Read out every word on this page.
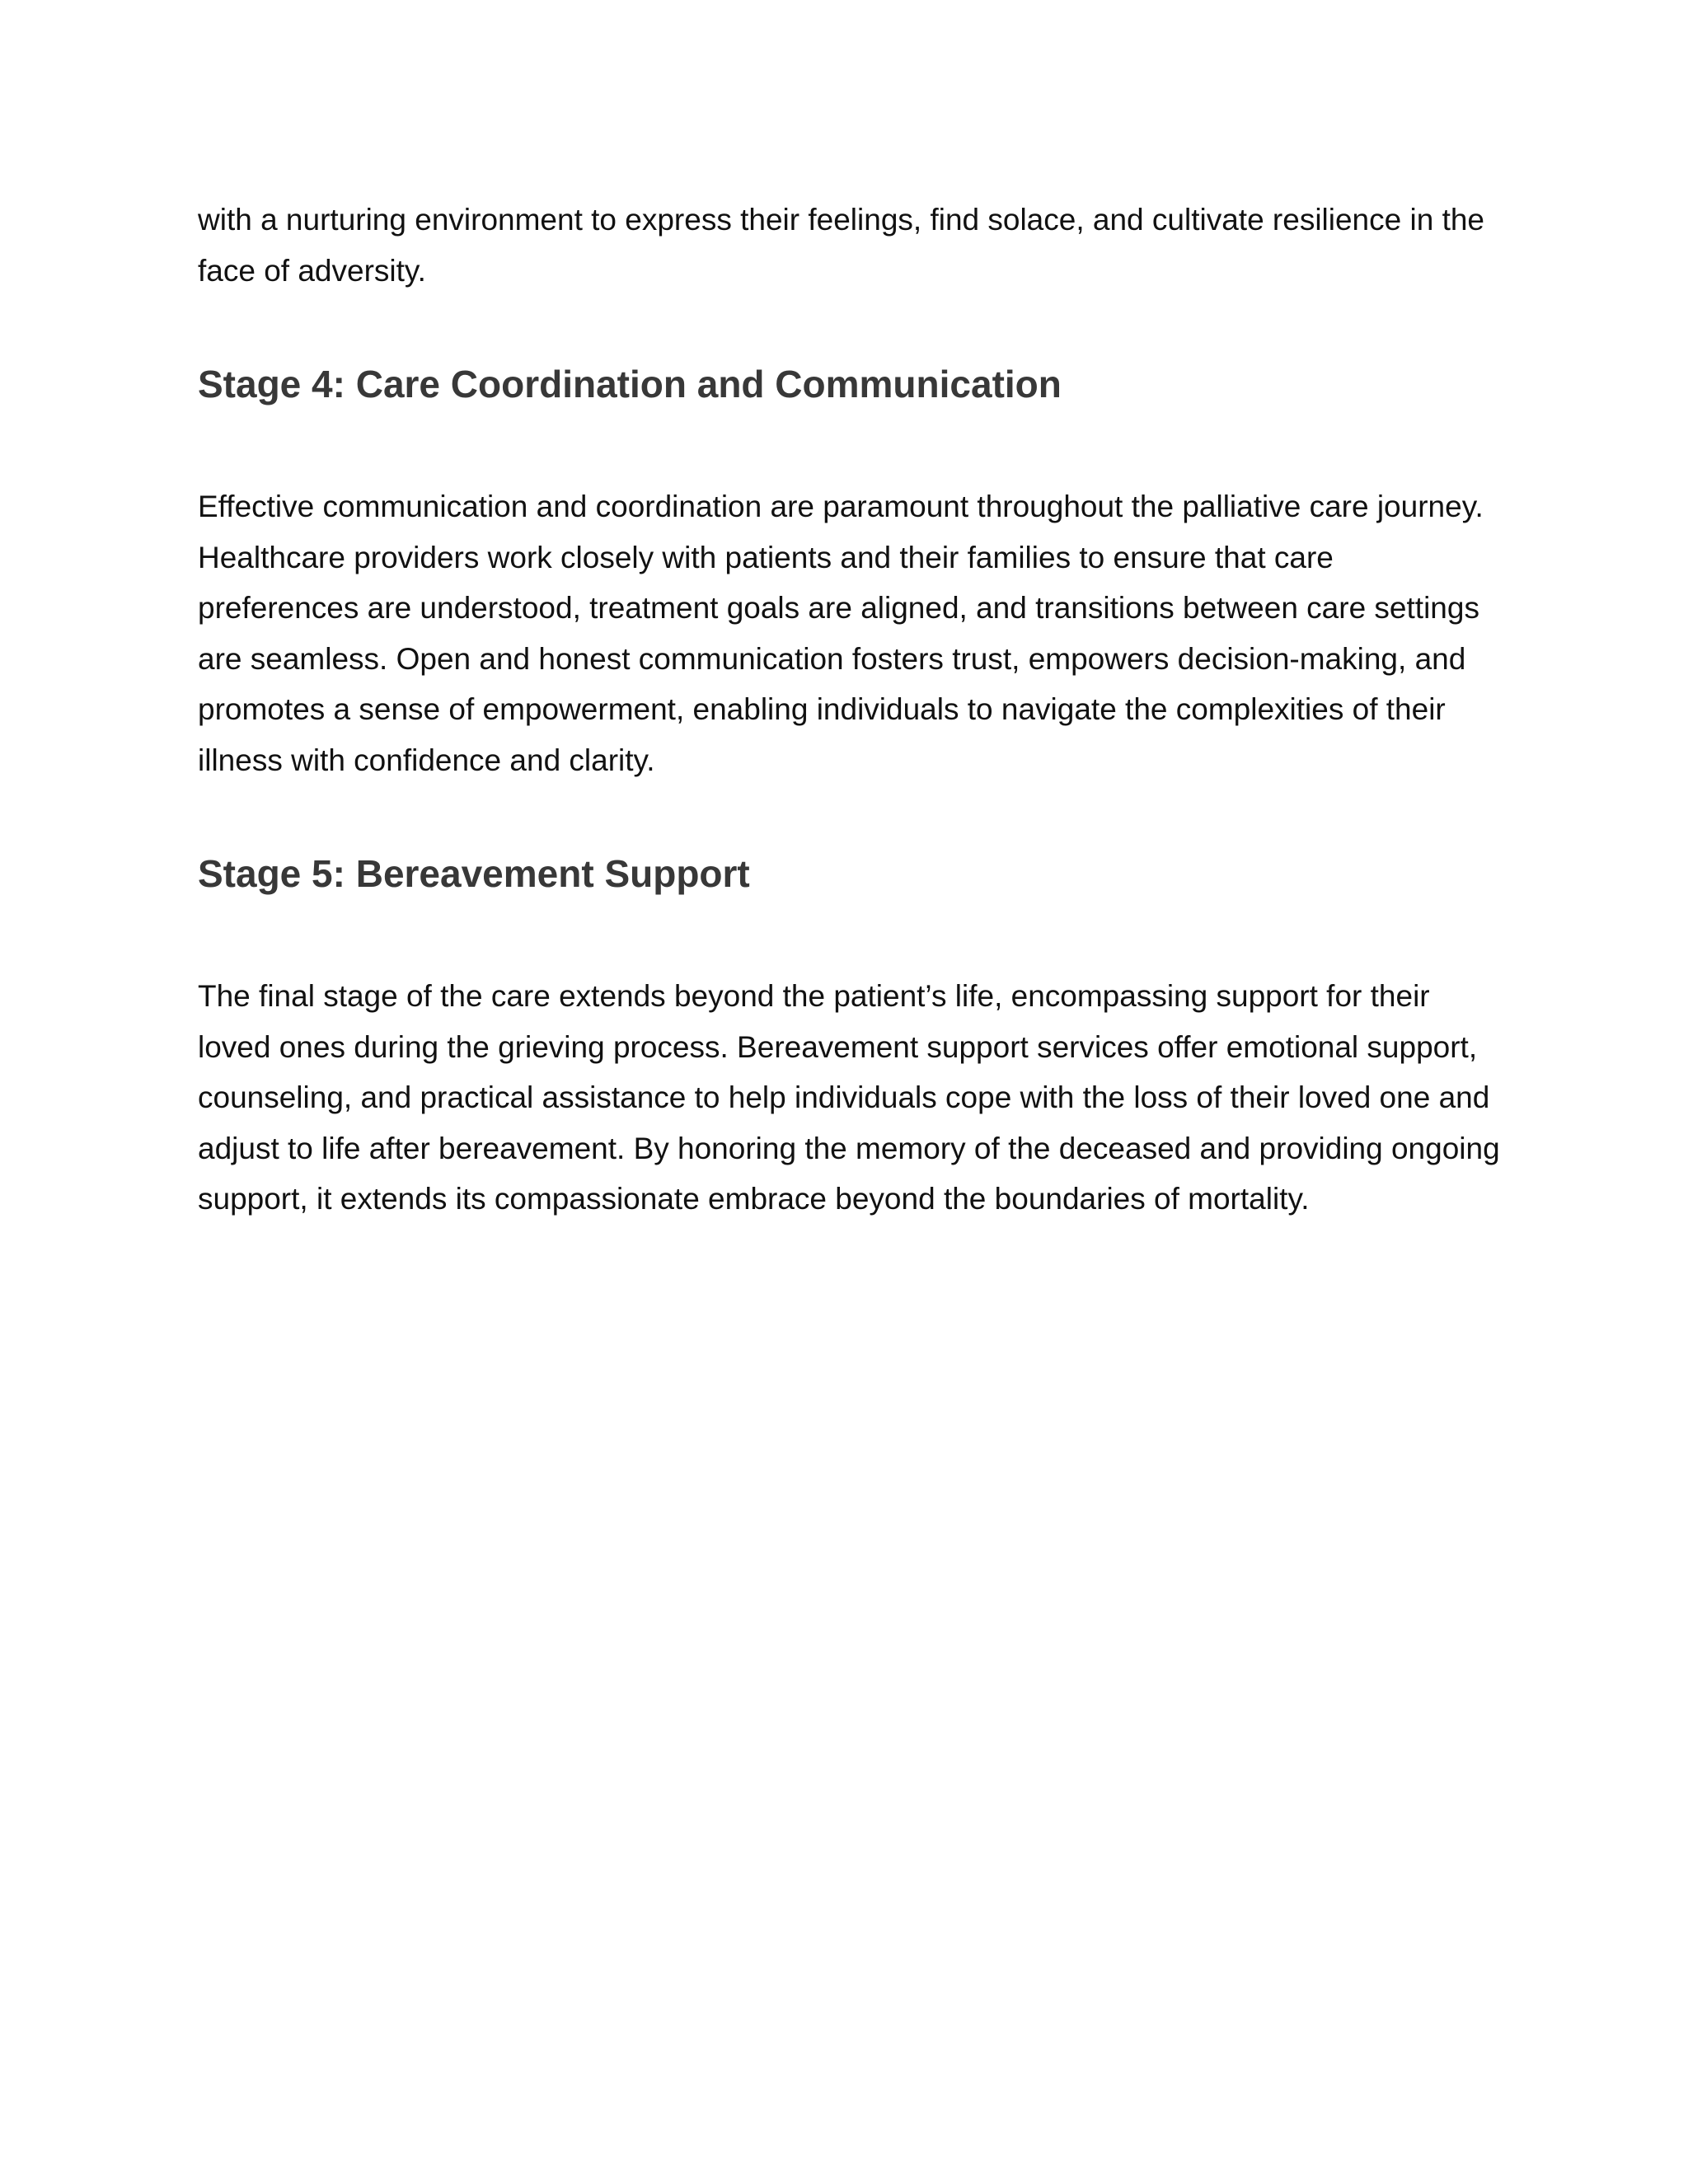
with a nurturing environment to express their feelings, find solace, and cultivate resilience in the face of adversity.

Stage 4: Care Coordination and Communication

Effective communication and coordination are paramount throughout the palliative care journey. Healthcare providers work closely with patients and their families to ensure that care preferences are understood, treatment goals are aligned, and transitions between care settings are seamless. Open and honest communication fosters trust, empowers decision-making, and promotes a sense of empowerment, enabling individuals to navigate the complexities of their illness with confidence and clarity.

Stage 5: Bereavement Support

The final stage of the care extends beyond the patient’s life, encompassing support for their loved ones during the grieving process. Bereavement support services offer emotional support, counseling, and practical assistance to help individuals cope with the loss of their loved one and adjust to life after bereavement. By honoring the memory of the deceased and providing ongoing support, it extends its compassionate embrace beyond the boundaries of mortality.
